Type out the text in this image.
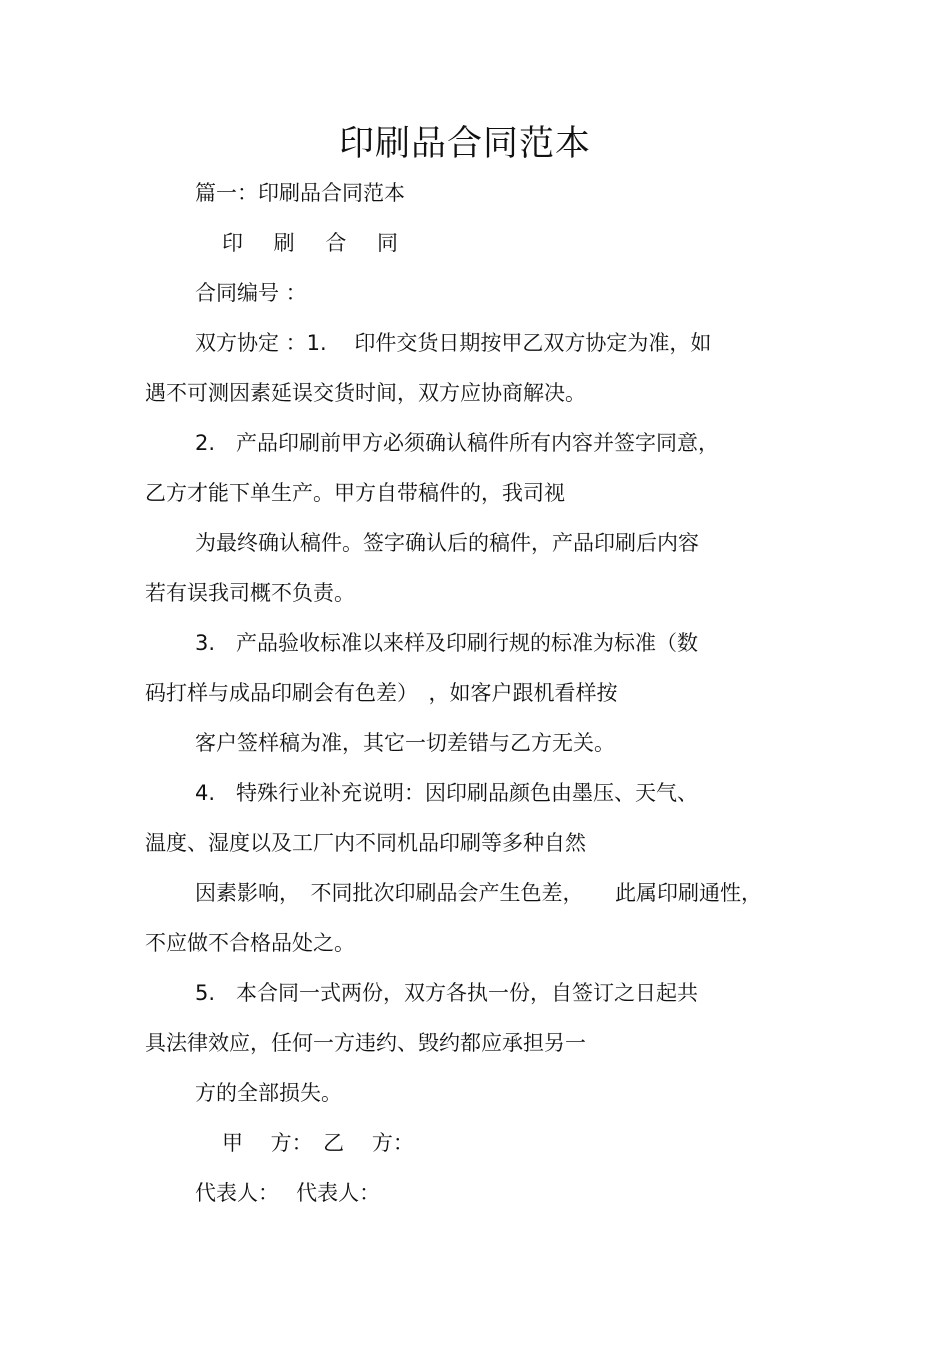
印刷品合同范本
篇一：印刷品合同范本
印 刷 合 同
合同编号 ：
双方协定 ：1.　 印件交货日期按甲乙双方协定为准，如
遇不可测因素延误交货时间，双方应协商解决。
2.　产品印刷前甲方必须确认稿件所有内容并签字同意，
乙方才能下单生产。甲方自带稿件的，我司视
为最终确认稿件。签字确认后的稿件，产品印刷后内容
若有误我司概不负责。
3.　产品验收标准以来样及印刷行规的标准为标准（数
码打样与成品印刷会有色差）　，如客户跟机看样按
客户签样稿为准，其它一切差错与乙方无关。
4.　特殊行业补充说明：因印刷品颜色由墨压、天气、
温度、湿度以及工厂内不同机品印刷等多种自然
因素影响，　不同批次印刷品会产生色差，　　此属印刷通性，
不应做不合格品处之。
5.　本合同一式两份，双方各执一份，自签订之日起共
具法律效应，任何一方违约、毁约都应承担另一
方的全部损失。
甲　 方：　乙　 方：
代表人：　 代表人：
